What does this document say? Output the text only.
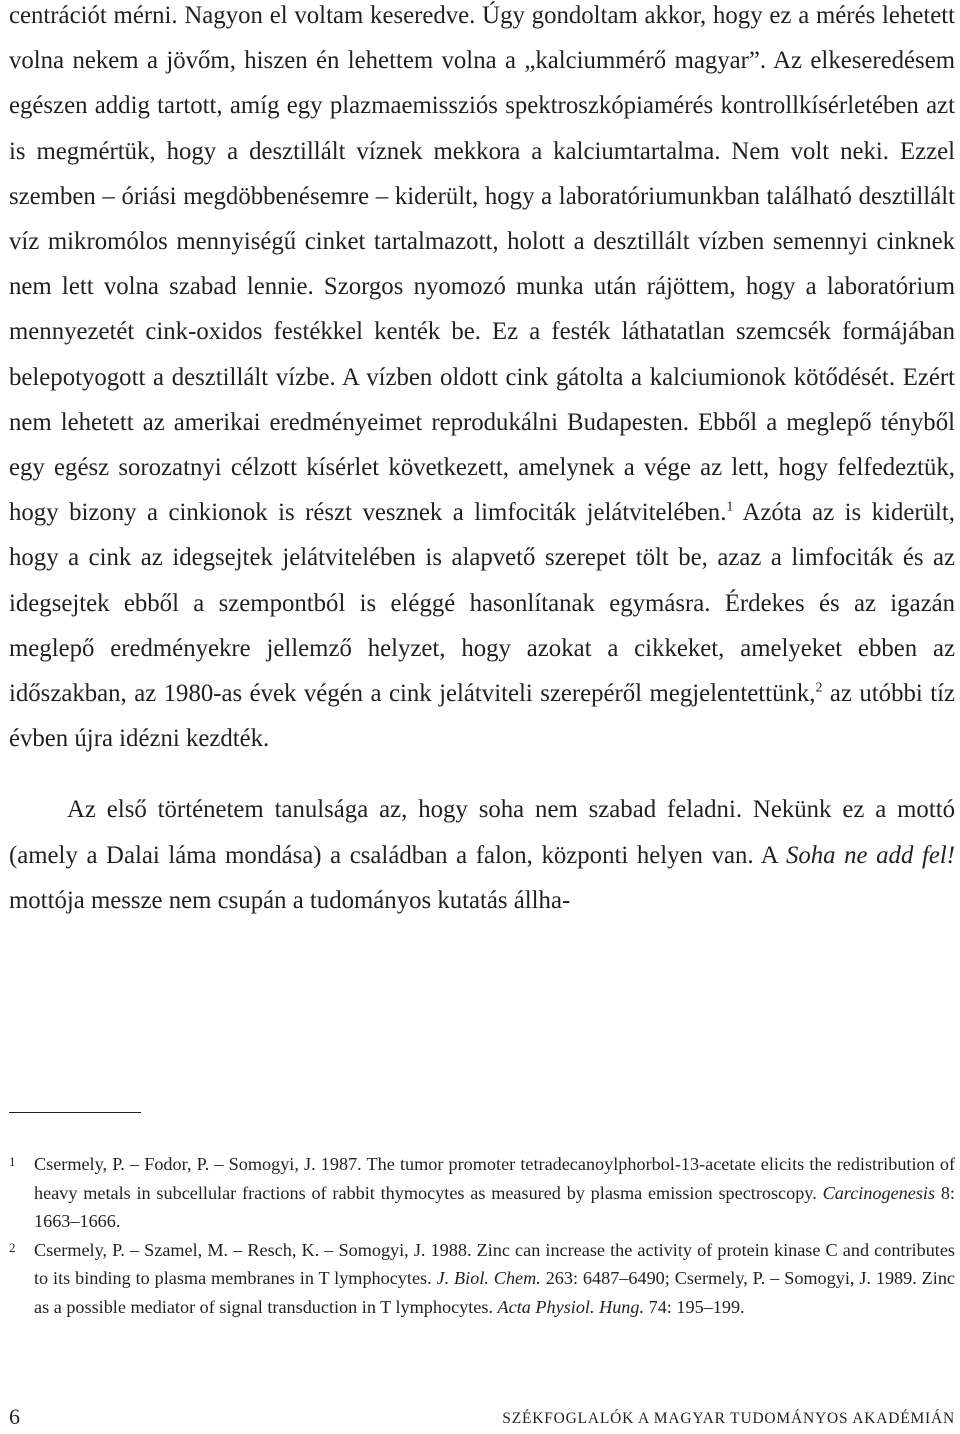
centrációt mérni. Nagyon el voltam keseredve. Úgy gondoltam akkor, hogy ez a mérés lehetett volna nekem a jövőm, hiszen én lehettem volna a „kalciummérő magyar”. Az elkeseredésem egészen addig tartott, amíg egy plazmaemissziós spektroszkópiamérés kontrollkísérletében azt is megmértük, hogy a desztillált víznek mekkora a kalciumtartalma. Nem volt neki. Ezzel szemben – óriási megdöbbenésemre – kiderült, hogy a laboratóriumunkban található desztillált víz mikromólos mennyiségű cinket tartalmazott, holott a desztillált vízben semennyi cinknek nem lett volna szabad lennie. Szorgos nyomozó munka után rájöttem, hogy a laboratórium mennyezetét cink-oxidos festékkel kenték be. Ez a festék láthatatlan szemcsék formájában belepotyogott a desztillált vízbe. A vízben oldott cink gátolta a kalciumionok kötődését. Ezért nem lehetett az amerikai eredményeimet reprodukálni Budapesten. Ebből a meglepő tényből egy egész sorozatnyi célzott kísérlet következett, amelynek a vége az lett, hogy felfedeztük, hogy bizony a cinkionok is részt vesznek a limfociták jelátvitelében.$^1$ Azóta az is kiderült, hogy a cink az idegsejtek jelátvitelében is alapvető szerepet tölt be, azaz a limfociták és az idegsejtek ebből a szempontból is eléggé hasonlítanak egymásra. Érdekes és az igazán meglepő eredményekre jellemző helyzet, hogy azokat a cikkeket, amelyeket ebben az időszakban, az 1980-as évek végén a cink jelátviteli szerepéről megjelentettünk,$^2$ az utóbbi tíz évben újra idézni kezdték.

Az első történetem tanulsága az, hogy soha nem szabad feladni. Nekünk ez a mottó (amely a Dalai láma mondása) a családban a falon, központi helyen van. A Soha ne add fel! mottója messze nem csupán a tudományos kutatás állha-

1 Csermely, P. – Fodor, P. – Somogyi, J. 1987. The tumor promoter tetradecanoylphorbol-13-acetate elicits the redistribution of heavy metals in subcellular fractions of rabbit thymocytes as measured by plasma emission spectroscopy. Carcinogenesis 8: 1663–1666.
2 Csermely, P. – Szamel, M. – Resch, K. – Somogyi, J. 1988. Zinc can increase the activity of protein kinase C and contributes to its binding to plasma membranes in T lymphocytes. J. Biol. Chem. 263: 6487–6490; Csermely, P. – Somogyi, J. 1989. Zinc as a possible mediator of signal transduction in T lymphocytes. Acta Physiol. Hung. 74: 195–199.
6	SZÉKFOGLALÓK A MAGYAR TUDOMÁNYOS AKADÉMIÁN
